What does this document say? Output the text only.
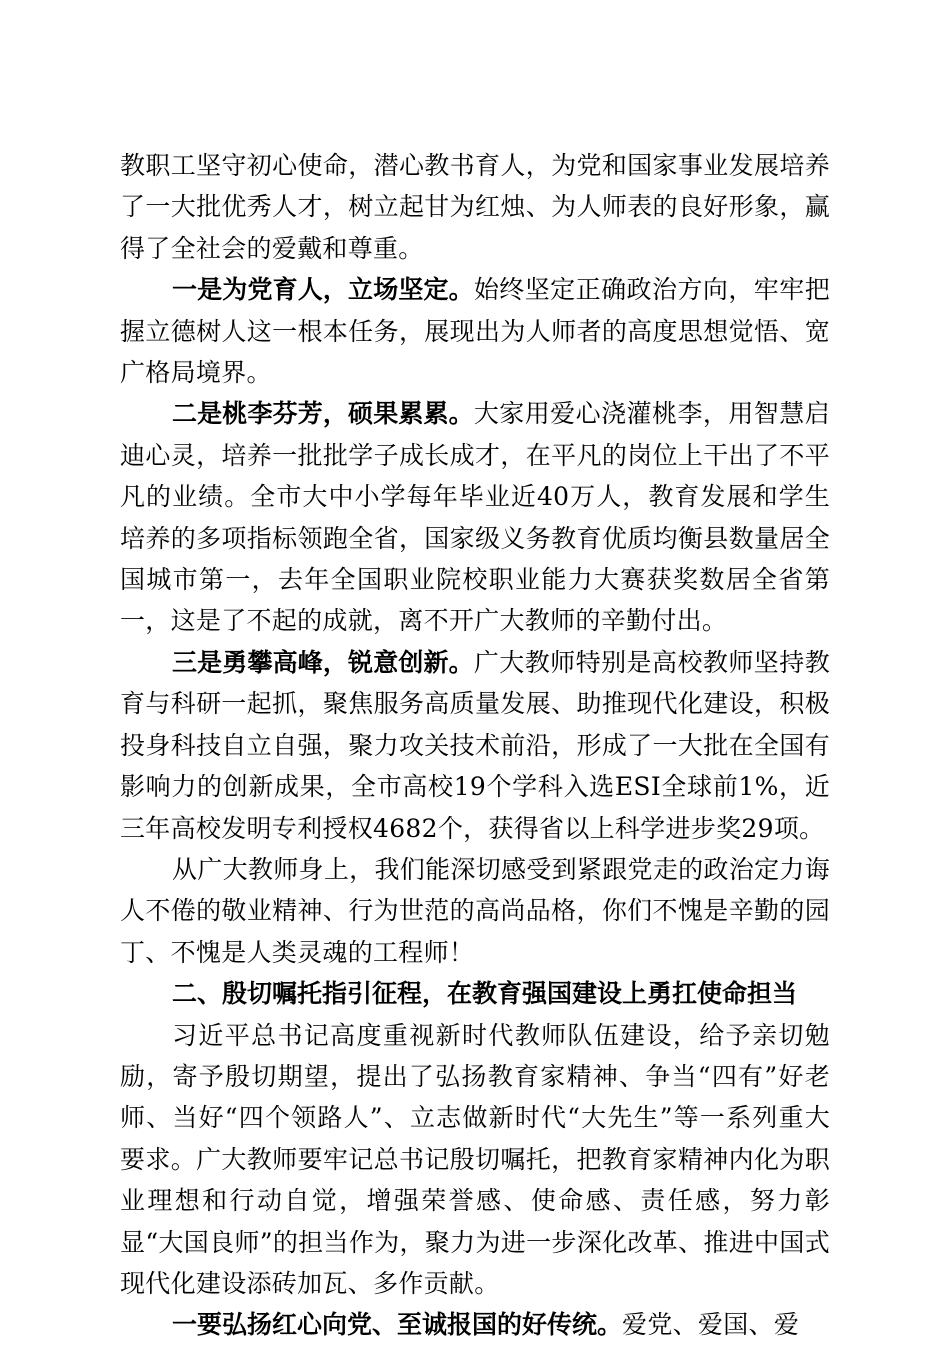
教职工坚守初心使命，潜心教书育人，为党和国家事业发展培养了一大批优秀人才，树立起甘为红烛、为人师表的良好形象，赢得了全社会的爱戴和尊重。

一是为党育人，立场坚定。始终坚定正确政治方向，牢牢把握立德树人这一根本任务，展现出为人师者的高度思想觉悟、宽广格局境界。

二是桃李芬芳，硕果累累。大家用爱心浇灌桃李，用智慧启迪心灵，培养一批批学子成长成才，在平凡的岗位上干出了不平凡的业绩。全市大中小学每年毕业近40万人，教育发展和学生培养的多项指标领跑全省，国家级义务教育优质均衡县数量居全国城市第一，去年全国职业院校职业能力大赛获奖数居全省第一，这是了不起的成就，离不开广大教师的辛勤付出。

三是勇攀高峰，锐意创新。广大教师特别是高校教师坚持教育与科研一起抓，聚焦服务高质量发展、助推现代化建设，积极投身科技自立自强，聚力攻关技术前沿，形成了一大批在全国有影响力的创新成果，全市高校19个学科入选ESI全球前1%，近三年高校发明专利授权4682个，获得省以上科学进步奖29项。

从广大教师身上，我们能深切感受到紧跟党走的政治定力诲人不倦的敬业精神、行为世范的高尚品格，你们不愧是辛勤的园丁、不愧是人类灵魂的工程师！

二、殷切嘱托指引征程，在教育强国建设上勇扛使命担当

习近平总书记高度重视新时代教师队伍建设，给予亲切勉励，寄予殷切期望，提出了弘扬教育家精神、争当“四有”好老师、当好“四个领路人”、立志做新时代“大先生”等一系列重大要求。广大教师要牢记总书记殷切嘱托，把教育家精神内化为职业理想和行动自觉，增强荣誉感、使命感、责任感，努力彰显“大国良师”的担当作为，聚力为进一步深化改革、推进中国式现代化建设添砖加瓦、多作贡献。

一要弘扬红心向党、至诚报国的好传统。爱党、爱国、爱
